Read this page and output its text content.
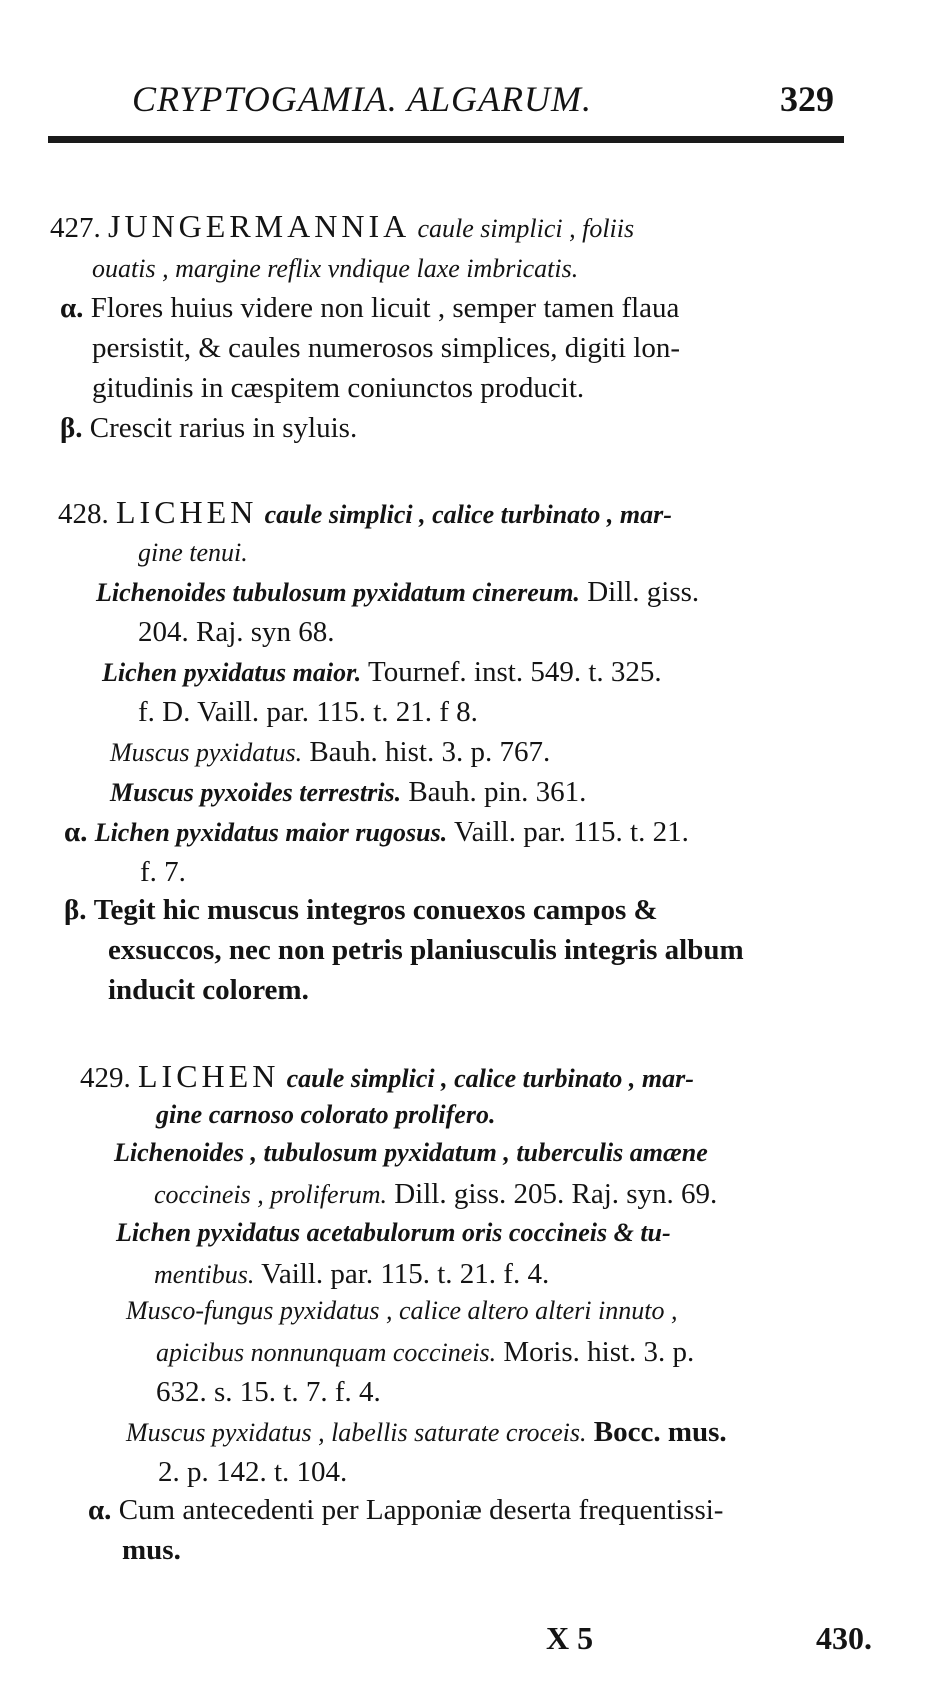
CRYPTOGAMIA. ALGARUM.	329
427. JUNGERMANNIA caule simplici , foliis
ouatis , margine reflix vndique laxe imbricatis.
α. Flores huius videre non licuit , semper tamen flaua
persistit, & caules numerosos simplices, digiti lon-
gitudinis in cæspitem coniunctos producit.
β. Crescit rarius in syluis.
428. LICHEN caule simplici , calice turbinato , mar-
gine tenui.
Lichenoides tubulosum pyxidatum cinereum. Dill. giss.
204. Raj. syn 68.
Lichen pyxidatus maior. Tournef. inst. 549. t. 325.
f. D. Vaill. par. 115. t. 21. f 8.
Muscus pyxidatus. Bauh. hist. 3. p. 767.
Muscus pyxoides terrestris. Bauh. pin. 361.
α. Lichen pyxidatus maior rugosus. Vaill. par. 115. t. 21.
f. 7.
β. Tegit hic muscus integros conuexos campos &
exsuccos, nec non petris planiusculis integris album
inducit colorem.
429. LICHEN caule simplici , calice turbinato , mar-
gine carnoso colorato prolifero.
Lichenoides , tubulosum pyxidatum , tuberculis amæne
coccineis , proliferum. Dill. giss. 205. Raj. syn. 69.
Lichen pyxidatus acetabulorum oris coccineis & tu-
mentibus. Vaill. par. 115. t. 21. f. 4.
Musco-fungus pyxidatus , calice altero alteri innuto ,
apicibus nonnunquam coccineis. Moris. hist. 3. p.
632. s. 15. t. 7. f. 4.
Muscus pyxidatus , labellis saturate croceis. Bocc. mus.
2. p. 142. t. 104.
α. Cum antecedenti per Lapponiæ deserta frequentissi-
mus.
X 5	430.
